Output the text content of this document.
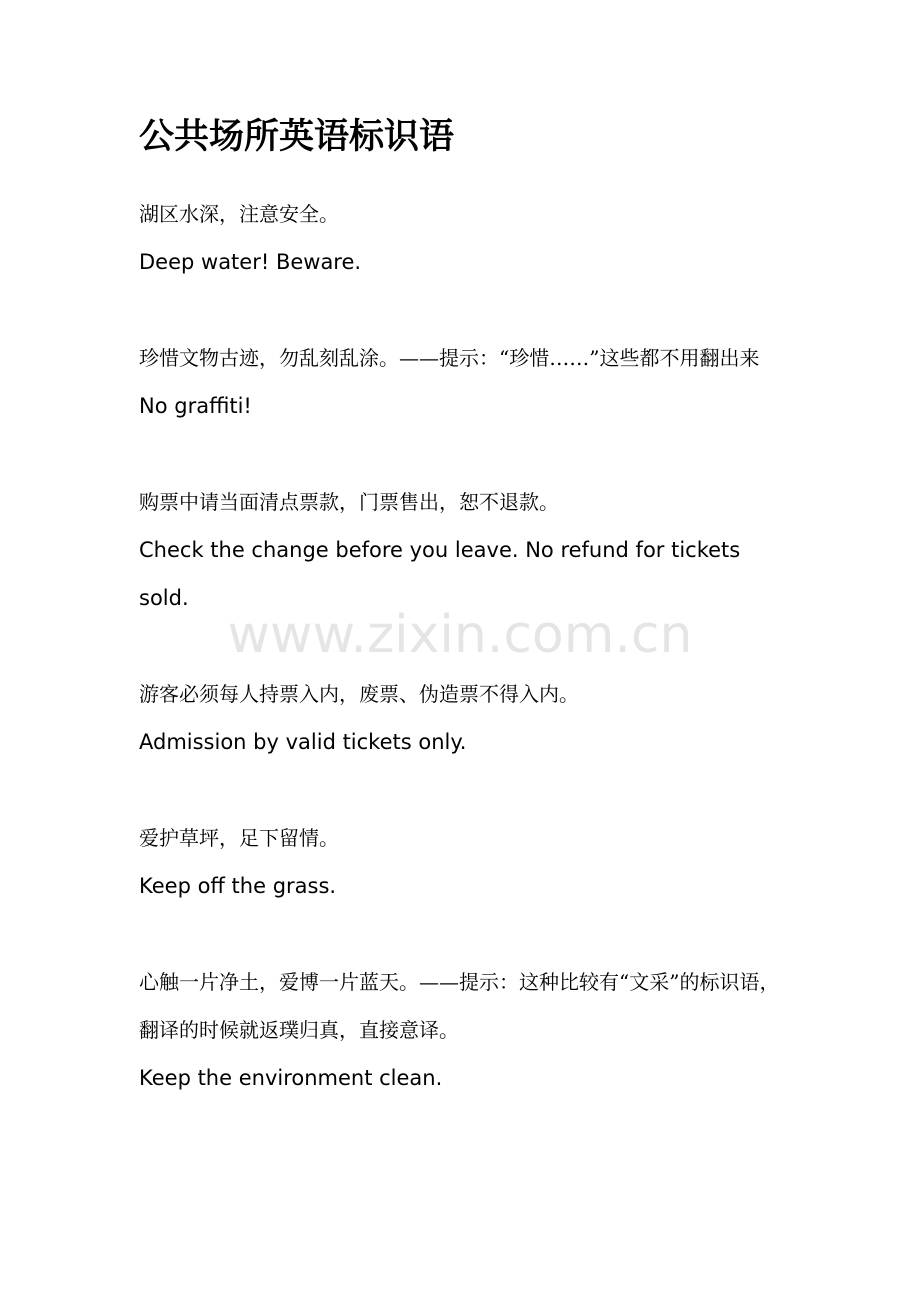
公共场所英语标识语

湖区水深，注意安全。

Deep water! Beware.

珍惜文物古迹，勿乱刻乱涂。——提示：“珍惜……”这些都不用翻出来

No graffiti!

购票中请当面清点票款，门票售出，恕不退款。

Check the change before you leave. No refund for tickets sold.

游客必须每人持票入内，废票、伪造票不得入内。

Admission by valid tickets only.

爱护草坪，足下留情。

Keep off the grass.

心触一片净土，爱博一片蓝天。——提示：这种比较有“文采”的标识语，翻译的时候就返璞归真，直接意译。

Keep the environment clean.

www.zixin.com.cn
